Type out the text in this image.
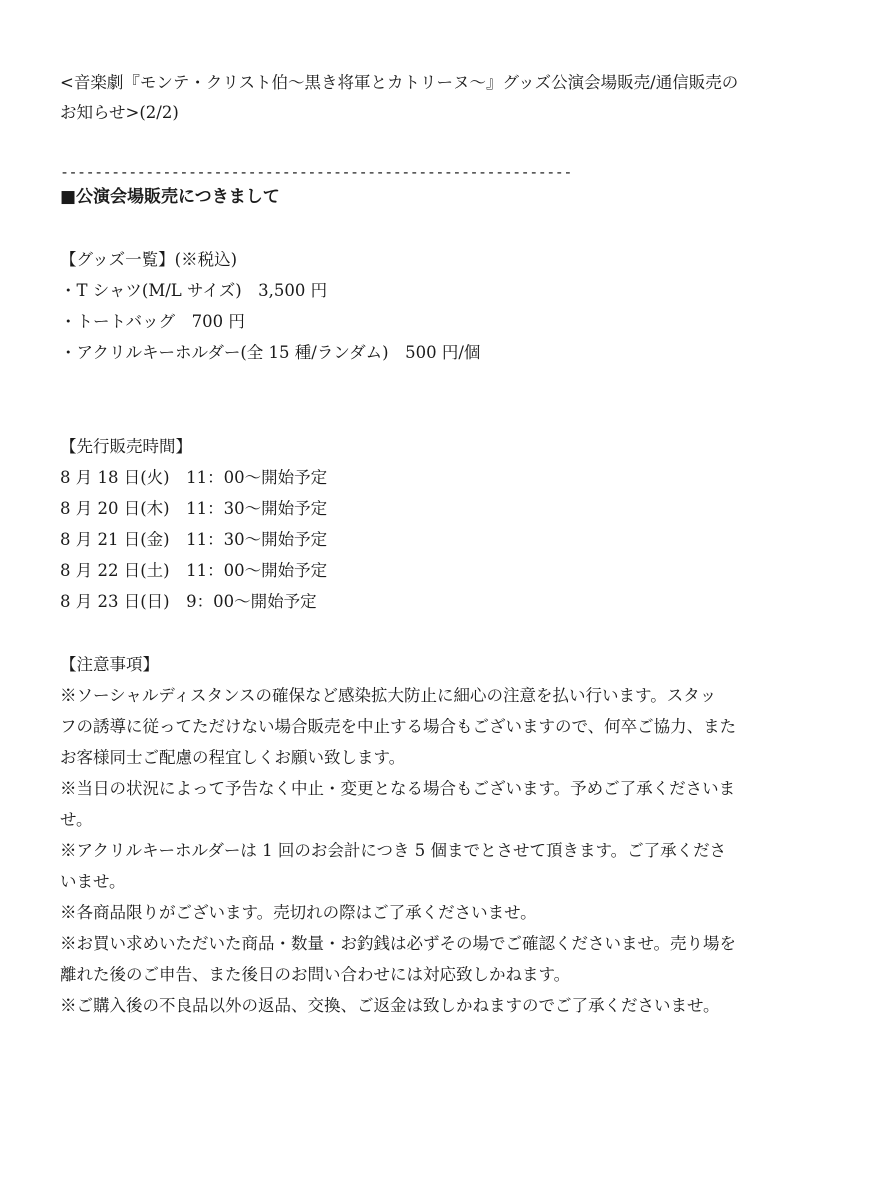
<音楽劇『モンテ・クリスト伯〜黒き将軍とカトリーヌ〜』グッズ公演会場販売/通信販売の
お知らせ>(2/2)
------------------------------------------------------------
■公演会場販売につきまして
【グッズ一覧】(※税込)
・T シャツ(M/L サイズ)　3,500 円
・トートバッグ　700 円
・アクリルキーホルダー(全 15 種/ランダム)　500 円/個
【先行販売時間】
8 月 18 日(火)　11：00〜開始予定
8 月 20 日(木)　11：30〜開始予定
8 月 21 日(金)　11：30〜開始予定
8 月 22 日(土)　11：00〜開始予定
8 月 23 日(日)　9：00〜開始予定
【注意事項】
※ソーシャルディスタンスの確保など感染拡大防止に細心の注意を払い行います。スタッ
フの誘導に従ってただけない場合販売を中止する場合もございますので、何卒ご協力、また
お客様同士ご配慮の程宜しくお願い致します。
※当日の状況によって予告なく中止・変更となる場合もございます。予めご了承くださいま
せ。
※アクリルキーホルダーは 1 回のお会計につき 5 個までとさせて頂きます。ご了承くださ
いませ。
※各商品限りがございます。売切れの際はご了承くださいませ。
※お買い求めいただいた商品・数量・お釣銭は必ずその場でご確認くださいませ。売り場を
離れた後のご申告、また後日のお問い合わせには対応致しかねます。
※ご購入後の不良品以外の返品、交換、ご返金は致しかねますのでご了承くださいませ。
